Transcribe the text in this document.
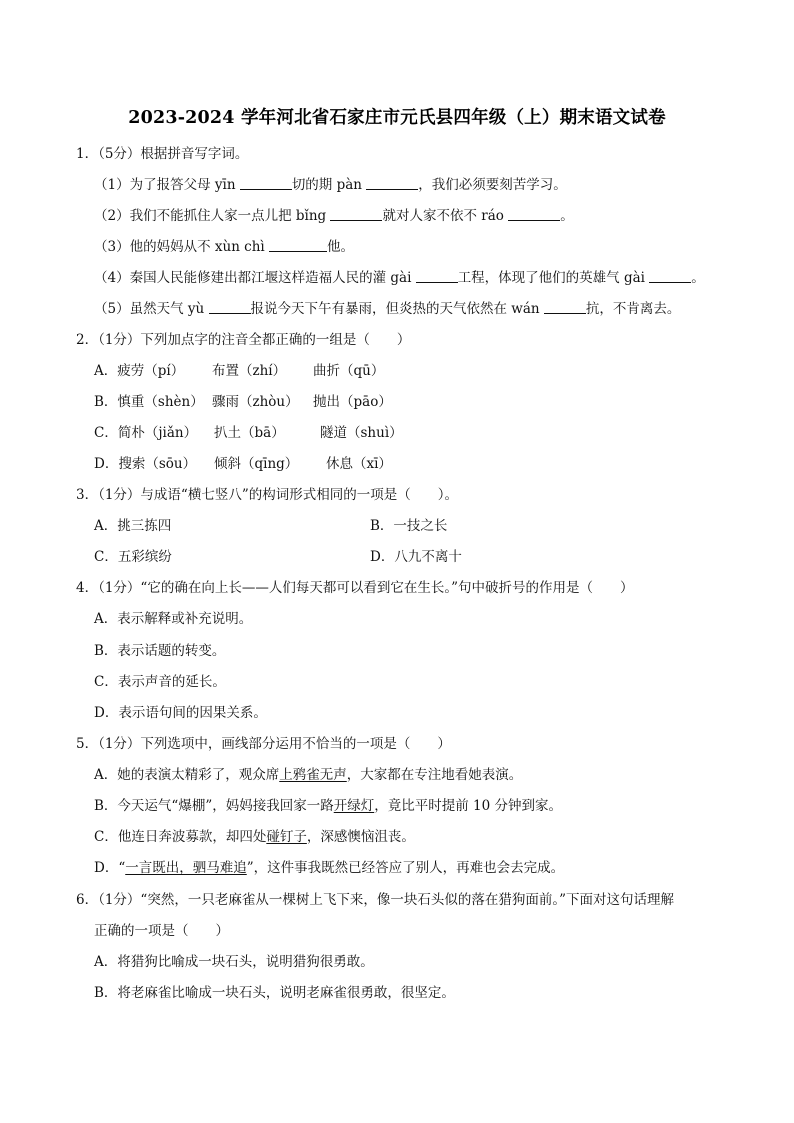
2023-2024 学年河北省石家庄市元氏县四年级（上）期末语文试卷
1．（5分）根据拼音写字词。
（1）为了报答父母 yīn	切的期 pàn	，我们必须要刻苦学习。
（2）我们不能抓住人家一点儿把 bǐng	就对人家不依不 ráo	。
（3）他的妈妈从不 xùn chì	他。
（4）秦国人民能修建出都江堰这样造福人民的灌 gài	工程，体现了他们的英雄气 gài	。
（5）虽然天气 yù	报说今天下午有暴雨，但炎热的天气依然在 wán	抗，不肯离去。
2．（1分）下列加点字的注音全都正确的一组是（　　）
A．疲劳（pí） 布置（zhí） 曲折（qū）
B．慎重（shèn） 骤雨（zhòu） 抛出（pāo）
C．简朴（jiǎn） 扒土（bā）	隧道（shuì）
D．搜索（sōu） 倾斜（qīng） 休息（xī）
3．（1分）与成语“横七竖八”的构词形式相同的一项是（　　）。
A．挑三拣四	B．一技之长
C．五彩缤纷	D．八九不离十
4．（1分）“它的确在向上长——人们每天都可以看到它在生长。”句中破折号的作用是（　　）
A．表示解释或补充说明。
B．表示话题的转变。
C．表示声音的延长。
D．表示语句间的因果关系。
5．（1分）下列选项中，画线部分运用不恰当的一项是（　　）
A．她的表演太精彩了，观众席上鸦雀无声，大家都在专注地看她表演。
B．今天运气“爆棚”，妈妈接我回家一路开绿灯，竟比平时提前 10 分钟到家。
C．他连日奔波募款，却四处碰钉子，深感懊恼沮丧。
D．“一言既出，驷马难追”，这件事我既然已经答应了别人，再难也会去完成。
6．（1分）“突然，一只老麻雀从一棵树上飞下来，像一块石头似的落在猎狗面前。”下面对这句话理解
正确的一项是（　　）
A．将猎狗比喻成一块石头，说明猎狗很勇敢。
B．将老麻雀比喻成一块石头，说明老麻雀很勇敢，很坚定。
